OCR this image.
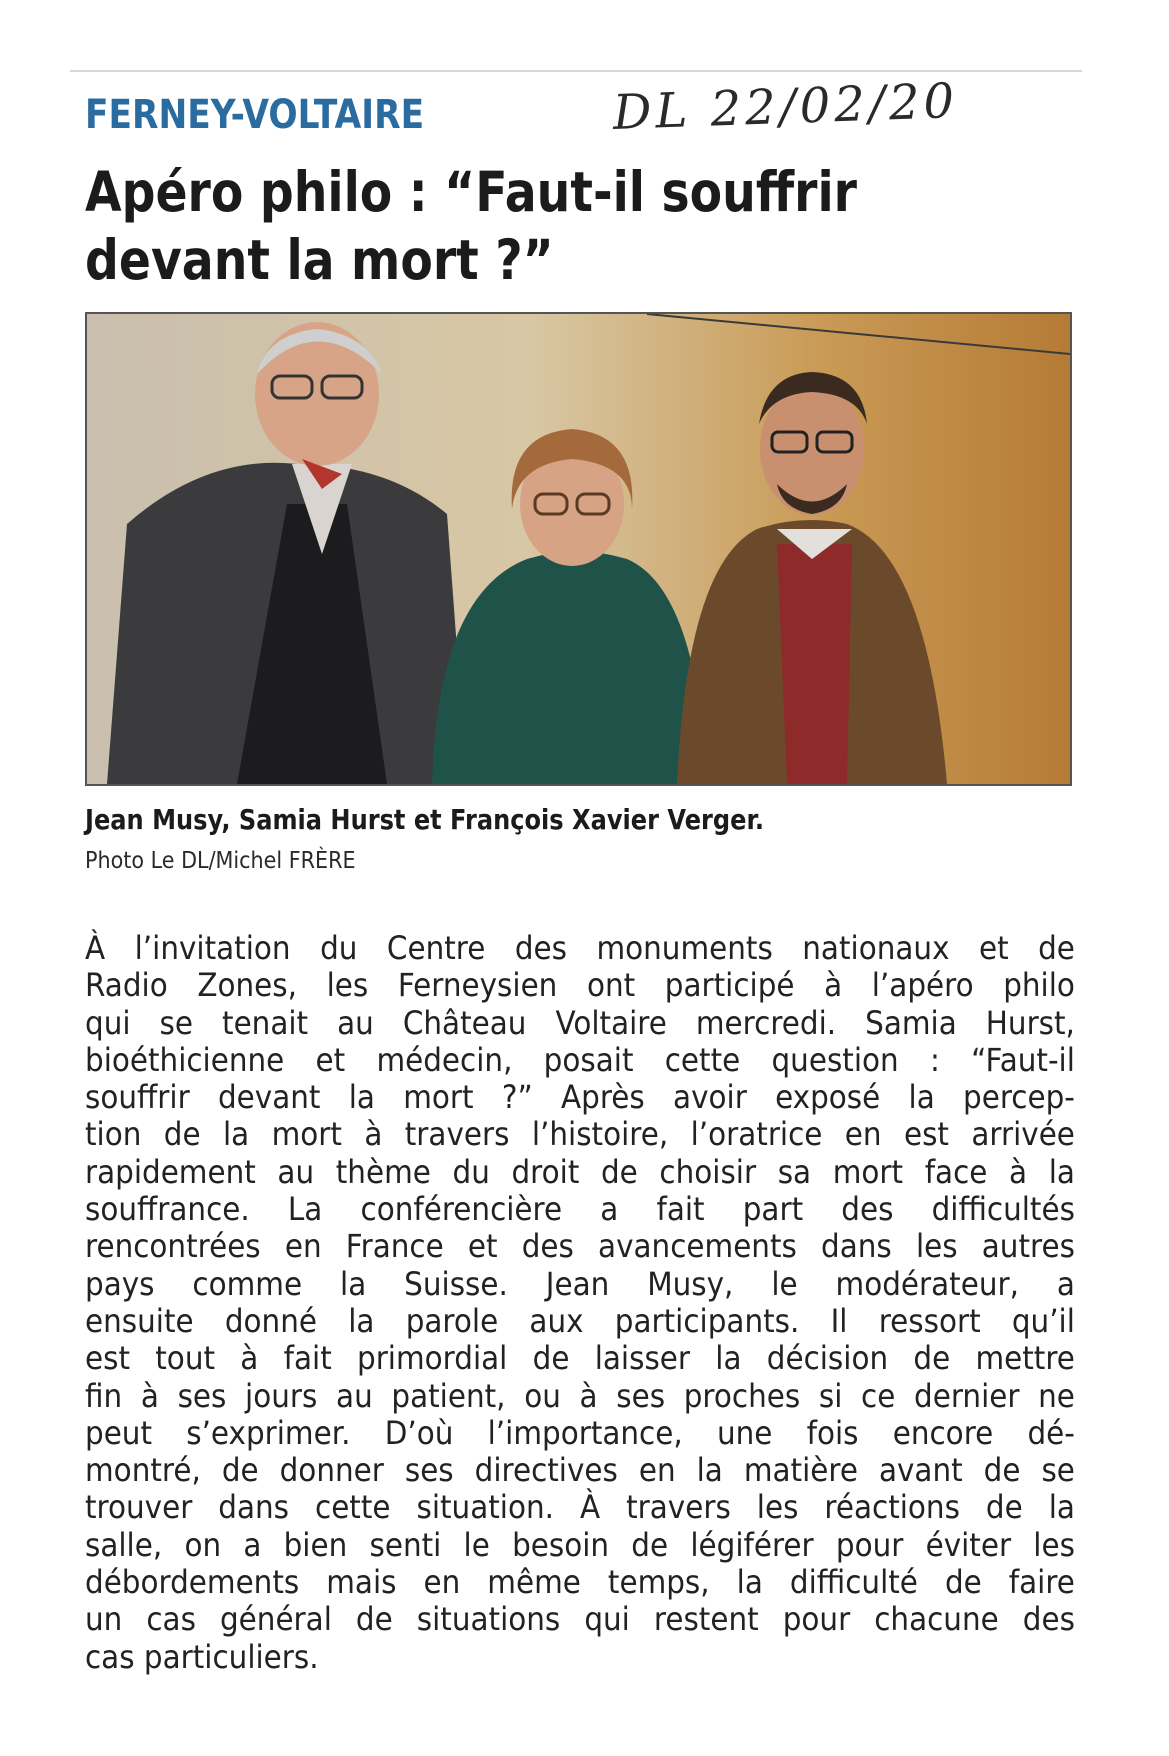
FERNEY-VOLTAIRE	DL 22/02/20
Apéro philo : “Faut-il souffrir
devant la mort ?”
Jean Musy, Samia Hurst et François Xavier Verger.
Photo Le DL/Michel FRÈRE
À l’invitation du Centre des monuments nationaux et de
Radio Zones, les Ferneysien ont participé à l’apéro philo
qui se tenait au Château Voltaire mercredi. Samia Hurst,
bioéthicienne et médecin, posait cette question : “Faut-il
souffrir devant la mort ?” Après avoir exposé la percep-
tion de la mort à travers l’histoire, l’oratrice en est arrivée
rapidement au thème du droit de choisir sa mort face à la
souffrance. La conférencière a fait part des difficultés
rencontrées en France et des avancements dans les autres
pays comme la Suisse. Jean Musy, le modérateur, a
ensuite donné la parole aux participants. Il ressort qu’il
est tout à fait primordial de laisser la décision de mettre
fin à ses jours au patient, ou à ses proches si ce dernier ne
peut s’exprimer. D’où l’importance, une fois encore dé-
montré, de donner ses directives en la matière avant de se
trouver dans cette situation. À travers les réactions de la
salle, on a bien senti le besoin de légiférer pour éviter les
débordements mais en même temps, la difficulté de faire
un cas général de situations qui restent pour chacune des
cas particuliers.
